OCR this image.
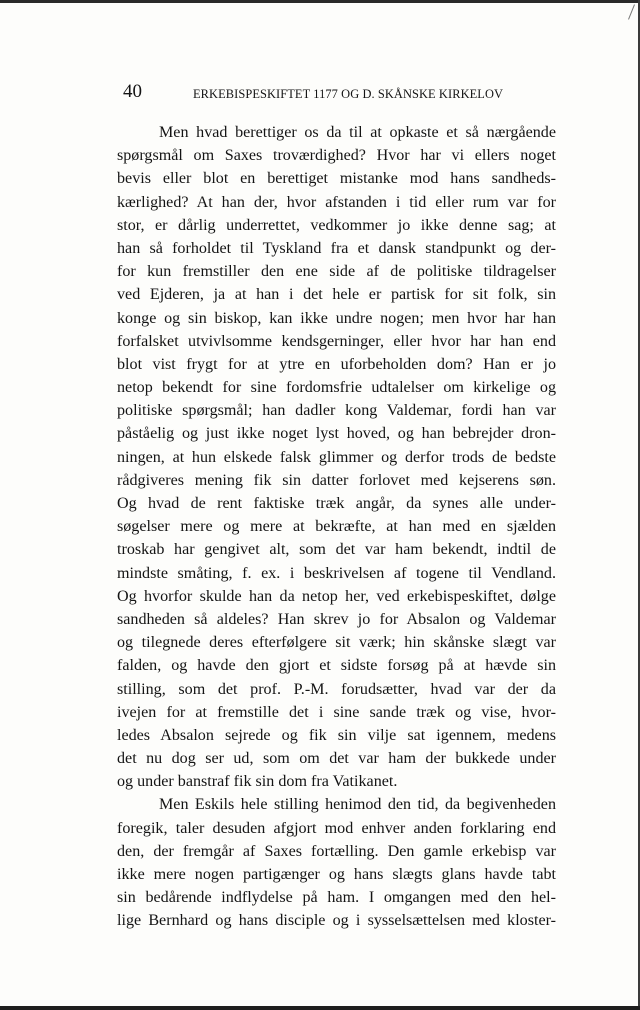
40	ERKEBISPESKIFTET 1177 OG D. SKÅNSKE KIRKELOV
Men hvad berettiger os da til at opkaste et så nærgående
spørgsmål om Saxes troværdighed? Hvor har vi ellers noget
bevis eller blot en berettiget mistanke mod hans sandheds-
kærlighed? At han der, hvor afstanden i tid eller rum var for
stor, er dårlig underrettet, vedkommer jo ikke denne sag; at
han så forholdet til Tyskland fra et dansk standpunkt og der-
for kun fremstiller den ene side af de politiske tildragelser
ved Ejderen, ja at han i det hele er partisk for sit folk, sin
konge og sin biskop, kan ikke undre nogen; men hvor har han
forfalsket utvivlsomme kendsgerninger, eller hvor har han end
blot vist frygt for at ytre en uforbeholden dom? Han er jo
netop bekendt for sine fordomsfrie udtalelser om kirkelige og
politiske spørgsmål; han dadler kong Valdemar, fordi han var
påståelig og just ikke noget lyst hoved, og han bebrejder dron-
ningen, at hun elskede falsk glimmer og derfor trods de bedste
rådgiveres mening fik sin datter forlovet med kejserens søn.
Og hvad de rent faktiske træk angår, da synes alle under-
søgelser mere og mere at bekræfte, at han med en sjælden
troskab har gengivet alt, som det var ham bekendt, indtil de
mindste småting, f. ex. i beskrivelsen af togene til Vendland.
Og hvorfor skulde han da netop her, ved erkebispeskiftet, dølge
sandheden så aldeles? Han skrev jo for Absalon og Valdemar
og tilegnede deres efterfølgere sit værk; hin skånske slægt var
falden, og havde den gjort et sidste forsøg på at hævde sin
stilling, som det prof. P.-M. forudsætter, hvad var der da
ivejen for at fremstille det i sine sande træk og vise, hvor-
ledes Absalon sejrede og fik sin vilje sat igennem, medens
det nu dog ser ud, som om det var ham der bukkede under
og under banstraf fik sin dom fra Vatikanet.
Men Eskils hele stilling henimod den tid, da begivenheden
foregik, taler desuden afgjort mod enhver anden forklaring end
den, der fremgår af Saxes fortælling. Den gamle erkebisp var
ikke mere nogen partigænger og hans slægts glans havde tabt
sin bedårende indflydelse på ham. I omgangen med den hel-
lige Bernhard og hans disciple og i sysselsættelsen med kloster-
